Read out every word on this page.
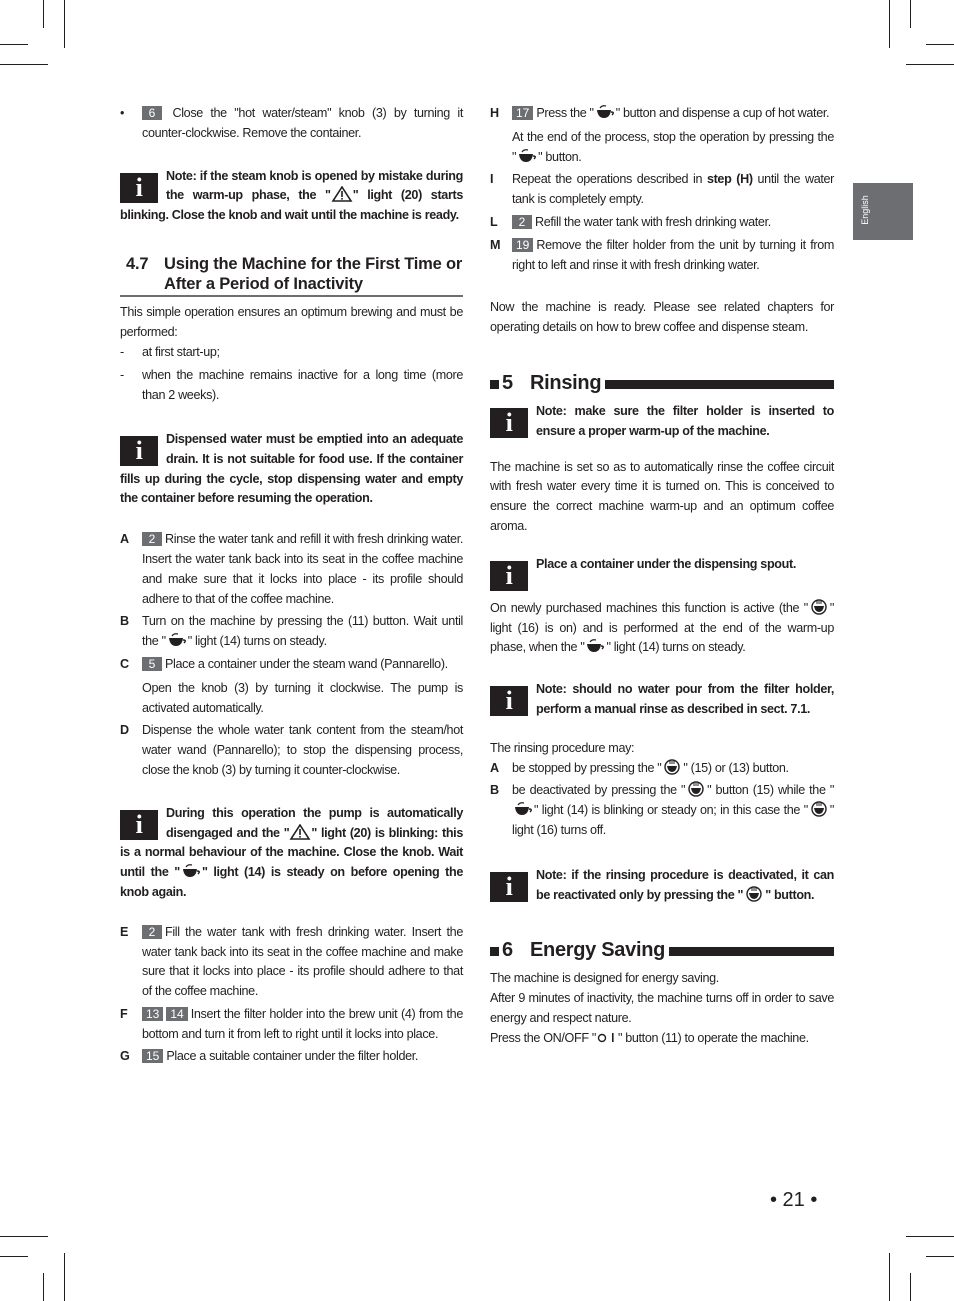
English

• 6 Close the "hot water/steam" knob (3) by turning it counter-clockwise. Remove the container.

i	Note: if the steam knob is opened by mistake during the warm-up phase, the " " light (20) starts blinking. Close the knob and wait until the machine is ready.

4.7 Using the Machine for the First Time or After a Period of Inactivity

This simple operation ensures an optimum brewing and must be performed:

- at first start-up;

- when the machine remains inactive for a long time (more than 2 weeks).

i	Dispensed water must be emptied into an adequate drain. It is not suitable for food use. If the container fills up during the cycle, stop dispensing water and empty the container before resuming the operation.

A 2 Rinse the water tank and refill it with fresh drinking water. Insert the water tank back into its seat in the coffee machine and make sure that it locks into place - its profile should adhere to that of the coffee machine.
B Turn on the machine by pressing the (11) button. Wait until the " " light (14) turns on steady.
C 5 Place a container under the steam wand (Pannarello).

Open the knob (3) by turning it clockwise. The pump is activated automatically.

D Dispense the whole water tank content from the steam/hot water wand (Pannarello); to stop the dispensing process, close the knob (3) by turning it counter-clockwise.

i	During this operation the pump is automatically disengaged and the " " light (20) is blinking: this is a normal behaviour of the machine. Close the knob. Wait until the " " light (14) is steady on before opening the knob again.

E 2 Fill the water tank with fresh drinking water. Insert the water tank back into its seat in the coffee machine and make sure that it locks into place - its profile should adhere to that of the coffee machine.
F 13 14 Insert the filter holder into the brew unit (4) from the bottom and turn it from left to right until it locks into place.
G 15 Place a suitable container under the filter holder.
H 17 Press the " " button and dispense a cup of hot water.

At the end of the process, stop the operation by pressing the " " button.

I Repeat the operations described in step (H) until the water tank is completely empty.
L 2 Refill the water tank with fresh drinking water.
M 19 Remove the filter holder from the unit by turning it from right to left and rinse it with fresh drinking water.

Now the machine is ready. Please see related chapters for operating details on how to brew coffee and dispense steam.

5 Rinsing

i	Note: make sure the filter holder is inserted to ensure a proper warm-up of the machine.

The machine is set so as to automatically rinse the coffee circuit with fresh water every time it is turned on. This is conceived to ensure the correct machine warm-up and an optimum coffee aroma.

i	Place a container under the dispensing spout.

On newly purchased machines this function is active (the " " light (16) is on) and is performed at the end of the warm-up phase, when the " " light (14) turns on steady.

i	Note: should no water pour from the filter holder, perform a manual rinse as described in sect. 7.1.

The rinsing procedure may:

A be stopped by pressing the " " (15) or (13) button.
B be deactivated by pressing the " " button (15) while the "
" light (14) is blinking or steady on; in this case the " " light (16) turns off.

i	Note: if the rinsing procedure is deactivated, it can be reactivated only by pressing the " " button.

6 Energy Saving

The machine is designed for energy saving.

After 9 minutes of inactivity, the machine turns off in order to save energy and respect nature.

Press the ON/OFF " " button (11) to operate the machine.

• 21 •
